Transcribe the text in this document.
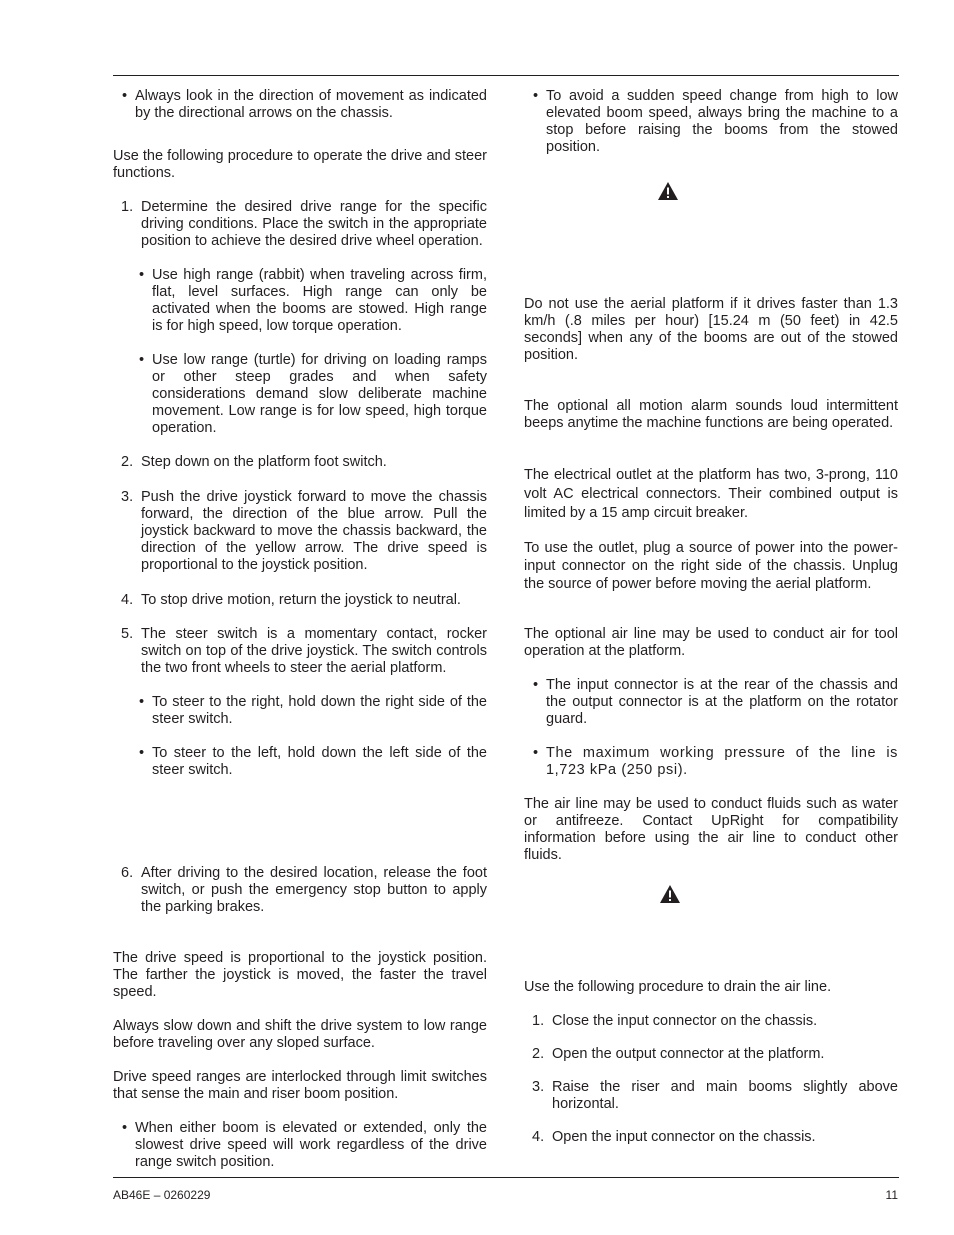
• Always look in the direction of movement as indicated by the directional arrows on the chassis.

Use the following procedure to operate the drive and steer functions.

1. Determine the desired drive range for the specific driving conditions. Place the switch in the appropriate position to achieve the desired drive wheel operation.

• Use high range (rabbit) when traveling across firm, flat, level surfaces. High range can only be activated when the booms are stowed. High range is for high speed, low torque operation.

• Use low range (turtle) for driving on loading ramps or other steep grades and when safety considerations demand slow deliberate machine movement. Low range is for low speed, high torque operation.

2. Step down on the platform foot switch.
3. Push the drive joystick forward to move the chassis forward, the direction of the blue arrow. Pull the joystick backward to move the chassis backward, the direction of the yellow arrow. The drive speed is proportional to the joystick position.
4. To stop drive motion, return the joystick to neutral.
5. The steer switch is a momentary contact, rocker switch on top of the drive joystick. The switch controls the two front wheels to steer the aerial platform.

• To steer to the right, hold down the right side of the steer switch.

• To steer to the left, hold down the left side of the steer switch.

6. After driving to the desired location, release the foot switch, or push the emergency stop button to apply the parking brakes.

The drive speed is proportional to the joystick position. The farther the joystick is moved, the faster the travel speed.

Always slow down and shift the drive system to low range before traveling over any sloped surface.

Drive speed ranges are interlocked through limit switches that sense the main and riser boom position.

• When either boom is elevated or extended, only the slowest drive speed will work regardless of the drive range switch position.

• To avoid a sudden speed change from high to low elevated boom speed, always bring the machine to a stop before raising the booms from the stowed position.

Do not use the aerial platform if it drives faster than 1.3 km/h (.8 miles per hour) [15.24 m (50 feet) in 42.5 seconds] when any of the booms are out of the stowed position.

The optional all motion alarm sounds loud intermittent beeps anytime the machine functions are being operated.

The electrical outlet at the platform has two, 3-prong, 110 volt AC electrical connectors. Their combined output is limited by a 15 amp circuit breaker.

To use the outlet, plug a source of power into the power-input connector on the right side of the chassis. Unplug the source of power before moving the aerial platform.

The optional air line may be used to conduct air for tool operation at the platform.

• The input connector is at the rear of the chassis and the output connector is at the platform on the rotator guard.

• The maximum working pressure of the line is 1,723 kPa (250 psi).

The air line may be used to conduct fluids such as water or antifreeze. Contact UpRight for compatibility information before using the air line to conduct other fluids.

Use the following procedure to drain the air line.

1. Close the input connector on the chassis.
2. Open the output connector at the platform.
3. Raise the riser and main booms slightly above horizontal.
4. Open the input connector on the chassis.
AB46E – 0260229	11
